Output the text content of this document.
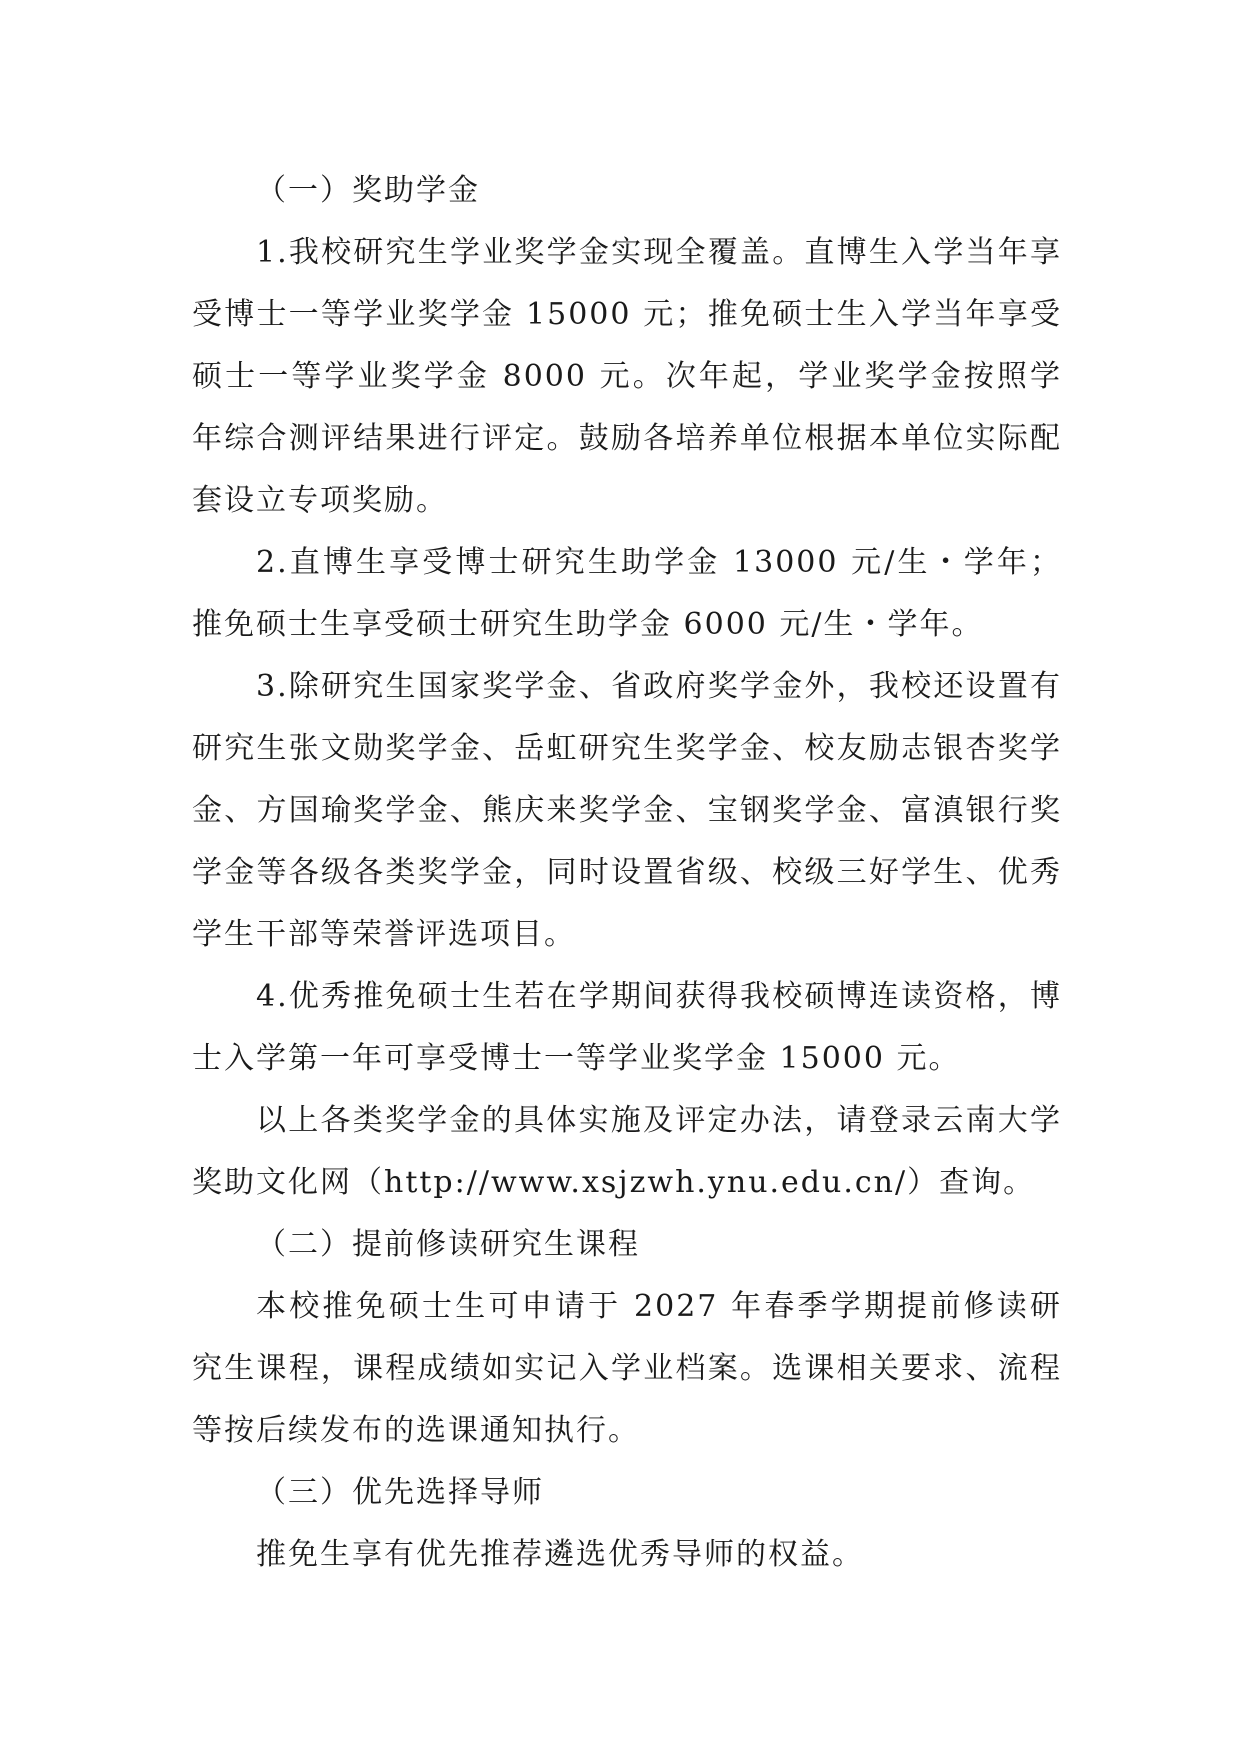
（一）奖助学金

1.我校研究生学业奖学金实现全覆盖。直博生入学当年享受博士一等学业奖学金 15000 元；推免硕士生入学当年享受硕士一等学业奖学金 8000 元。次年起，学业奖学金按照学年综合测评结果进行评定。鼓励各培养单位根据本单位实际配套设立专项奖励。

2.直博生享受博士研究生助学金 13000 元/生・学年；推免硕士生享受硕士研究生助学金 6000 元/生・学年。

3.除研究生国家奖学金、省政府奖学金外，我校还设置有研究生张文勋奖学金、岳虹研究生奖学金、校友励志银杏奖学金、方国瑜奖学金、熊庆来奖学金、宝钢奖学金、富滇银行奖学金等各级各类奖学金，同时设置省级、校级三好学生、优秀学生干部等荣誉评选项目。

4.优秀推免硕士生若在学期间获得我校硕博连读资格，博士入学第一年可享受博士一等学业奖学金 15000 元。

以上各类奖学金的具体实施及评定办法，请登录云南大学奖助文化网（http://www.xsjzwh.ynu.edu.cn/）查询。

（二）提前修读研究生课程

本校推免硕士生可申请于 2027 年春季学期提前修读研究生课程，课程成绩如实记入学业档案。选课相关要求、流程等按后续发布的选课通知执行。

（三）优先选择导师

推免生享有优先推荐遴选优秀导师的权益。
